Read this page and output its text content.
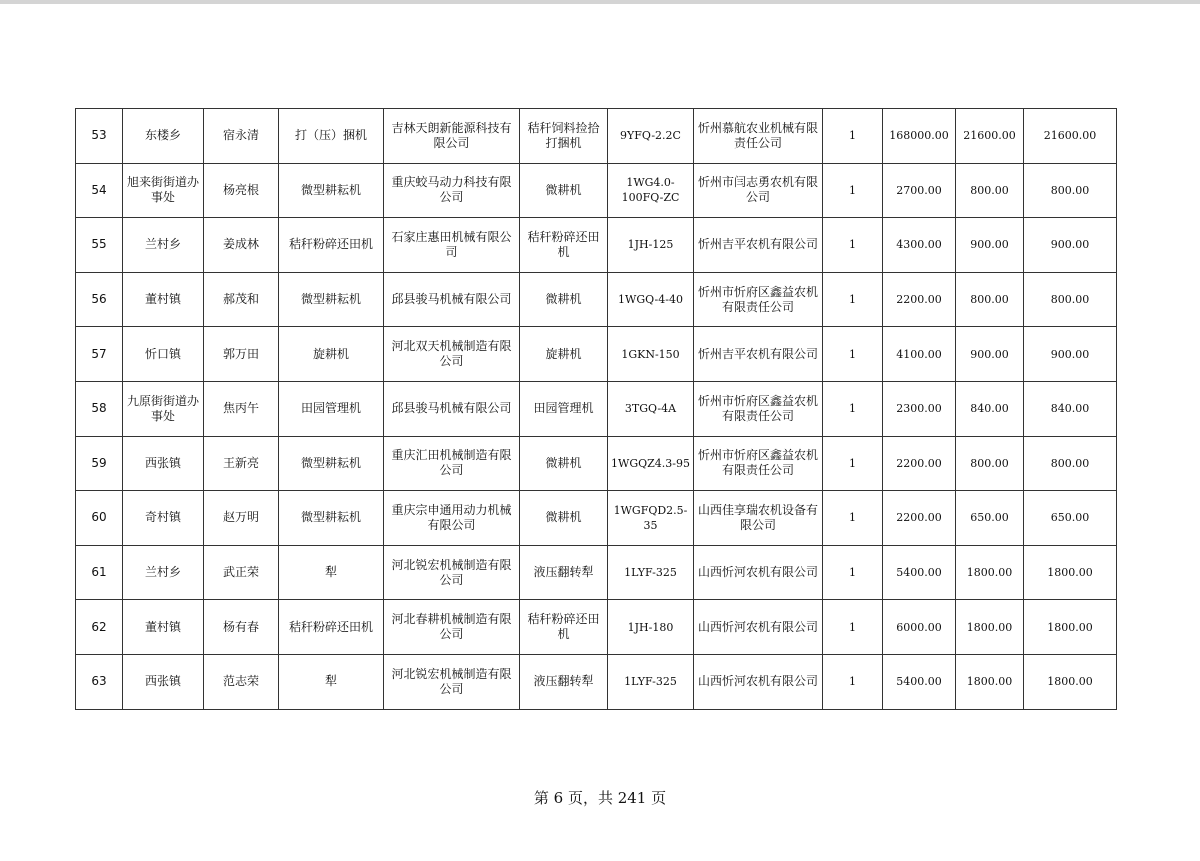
53	东楼乡	宿永清	打（压）捆机	吉林天朗新能源科技有限公司	秸秆饲料捡拾打捆机	9YFQ-2.2C	忻州慕航农业机械有限责任公司	1	168000.00	21600.00	21600.00
54	旭来街街道办事处	杨亮根	微型耕耘机	重庆蛟马动力科技有限公司	微耕机	1WG4.0-100FQ-ZC	忻州市闫志勇农机有限公司	1	2700.00	800.00	800.00
55	兰村乡	姜成林	秸秆粉碎还田机	石家庄惠田机械有限公司	秸秆粉碎还田机	1JH-125	忻州吉平农机有限公司	1	4300.00	900.00	900.00
56	董村镇	郝茂和	微型耕耘机	邱县骏马机械有限公司	微耕机	1WGQ-4-40	忻州市忻府区鑫益农机有限责任公司	1	2200.00	800.00	800.00
57	忻口镇	郭万田	旋耕机	河北双天机械制造有限公司	旋耕机	1GKN-150	忻州吉平农机有限公司	1	4100.00	900.00	900.00
58	九原街街道办事处	焦丙午	田园管理机	邱县骏马机械有限公司	田园管理机	3TGQ-4A	忻州市忻府区鑫益农机有限责任公司	1	2300.00	840.00	840.00
59	西张镇	王新亮	微型耕耘机	重庆汇田机械制造有限公司	微耕机	1WGQZ4.3-95	忻州市忻府区鑫益农机有限责任公司	1	2200.00	800.00	800.00
60	奇村镇	赵万明	微型耕耘机	重庆宗申通用动力机械有限公司	微耕机	1WGFQD2.5-35	山西佳享瑞农机设备有限公司	1	2200.00	650.00	650.00
61	兰村乡	武正荣	犁	河北锐宏机械制造有限公司	液压翻转犁	1LYF-325	山西忻河农机有限公司	1	5400.00	1800.00	1800.00
62	董村镇	杨有春	秸秆粉碎还田机	河北春耕机械制造有限公司	秸秆粉碎还田机	1JH-180	山西忻河农机有限公司	1	6000.00	1800.00	1800.00
63	西张镇	范志荣	犁	河北锐宏机械制造有限公司	液压翻转犁	1LYF-325	山西忻河农机有限公司	1	5400.00	1800.00	1800.00
第 6 页，共 241 页
